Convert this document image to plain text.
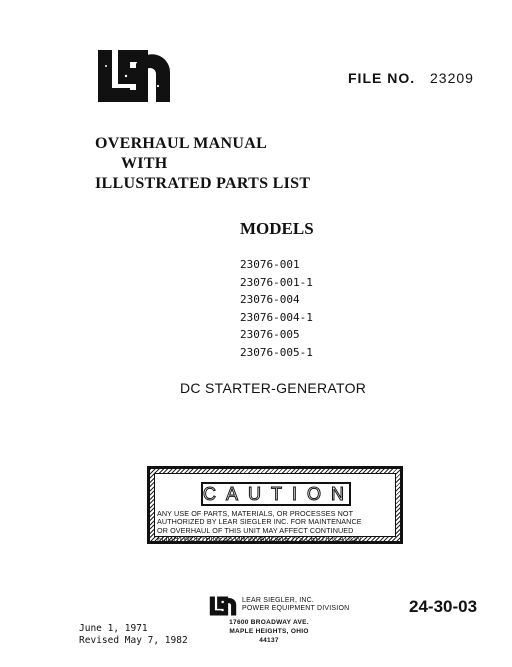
FILE NO. 23209
OVERHAUL MANUAL
WITH
ILLUSTRATED PARTS LIST
MODELS
23076-001
23076-001-1
23076-004
23076-004-1
23076-005
23076-005-1
DC STARTER-GENERATOR
CAUTION
ANY USE OF PARTS, MATERIALS, OR PROCESSES NOT
AUTHORIZED BY LEAR SIEGLER INC. FOR MAINTENANCE
OR OVERHAUL OF THIS UNIT MAY AFFECT CONTINUED
FLIGHTWORTHINESS OR INVALIDATE ITS CERTIFICATION.
LEAR SIEGLER, INC.
POWER EQUIPMENT DIVISION
17600 BROADWAY AVE.
MAPLE HEIGHTS, OHIO 44137
24-30-03
June 1, 1971
Revised May 7, 1982
